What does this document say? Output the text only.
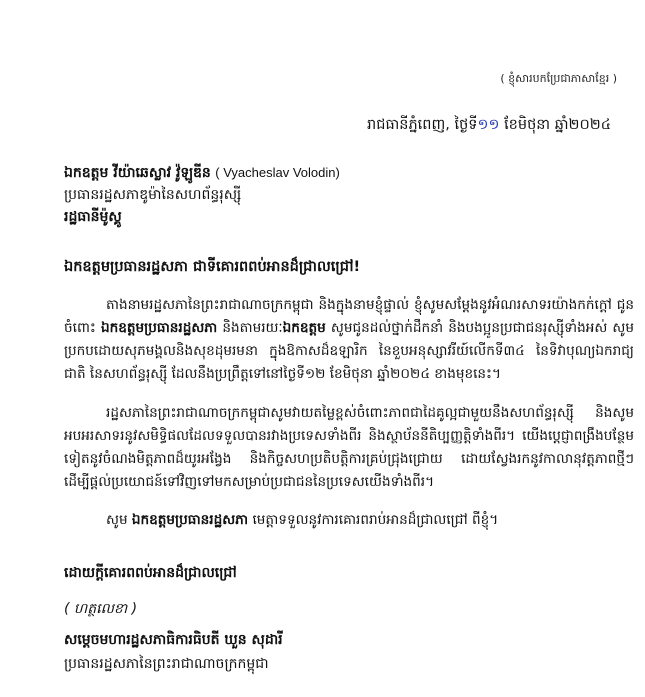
( ខ្ញុំសារបកប្រែជាភាសាខ្មែរ )
រាជធានីភ្នំពេញ, ថ្ងៃទី១១ ខែមិថុនា ឆ្នាំ២០២៤
ឯកឧត្តម វីយ៉ាឆេស្លាវ វ៉ូឡូឌីន ( Vyacheslav Volodin)
ប្រធានរដ្ឋសភាឌូម៉ានៃសហព័ន្ធរុស្ស៊ី
រដ្ឋធានីម៉ូស្គូ
ឯកឧត្តមប្រធានរដ្ឋសភា ជាទីគោរពពប់អានដ៏ជ្រាលជ្រៅ!
តាងនាមរដ្ឋសភានៃព្រះរាជាណាចក្រកម្ពុជា និងក្នុងនាមខ្ញុំផ្ទាល់ ខ្ញុំសូមសម្តែងនូវអំណរសាទរយ៉ាងកក់ក្តៅ ជូនចំពោះ ឯកឧត្តមប្រធានរដ្ឋសភា និងតាមរយៈឯកឧត្តម សូមជូនដល់ថ្នាក់ដឹកនាំ និងបងប្អូនប្រជាជនរុស្ស៊ីទាំងអស់ សូមប្រកបដោយសុភមង្គលនិងសុខដុមរមនា ក្នុងឱកាសដ៏ឧឡារិក នៃខួបអនុស្សាវរីយ៍លើកទី៣៤ នៃទិវាបុណ្យឯករាជ្យជាតិ នៃសហព័ន្ធរុស្ស៊ី ដែលនឹងប្រព្រឹត្តទៅនៅថ្ងៃទី១២ ខែមិថុនា ឆ្នាំ២០២៤ ខាងមុខនេះ។
រដ្ឋសភានៃព្រះរាជាណាចក្រកម្ពុជាសូមវាយតម្លៃខ្ពស់ចំពោះភាពជាដៃគូល្អជាមួយនឹងសហព័ន្ធរុស្ស៊ី និងសូមអបអរសាទរនូវសមិទ្ធិផលដែលទទួលបានរវាងប្រទេសទាំងពីរ និងស្ថាប័ននីតិប្បញ្ញត្តិទាំងពីរ។ យើងប្តេជ្ញាពង្រឹងបន្ថែមទៀតនូវចំណងមិត្តភាពដ៏យូរអង្វែង និងកិច្ចសហប្រតិបត្តិការគ្រប់ជ្រុងជ្រោយ ដោយស្វែងរកនូវកាលានុវត្តភាពថ្មីៗ ដើម្បីផ្តល់ប្រយោជន៍ទៅវិញទៅមកសម្រាប់ប្រជាជននៃប្រទេសយើងទាំងពីរ។
សូម ឯកឧត្តមប្រធានរដ្ឋសភា មេត្តាទទួលនូវការគោរពរាប់អានដ៏ជ្រាលជ្រៅ ពីខ្ញុំ។
ដោយក្តីគោរពពប់អានដ៏ជ្រាលជ្រៅ
( ហត្ថលេខា )
សម្តេចមហារដ្ឋសភាធិការធិបតី ឃួន សុដារី
ប្រធានរដ្ឋសភានៃព្រះរាជាណាចក្រកម្ពុជា
